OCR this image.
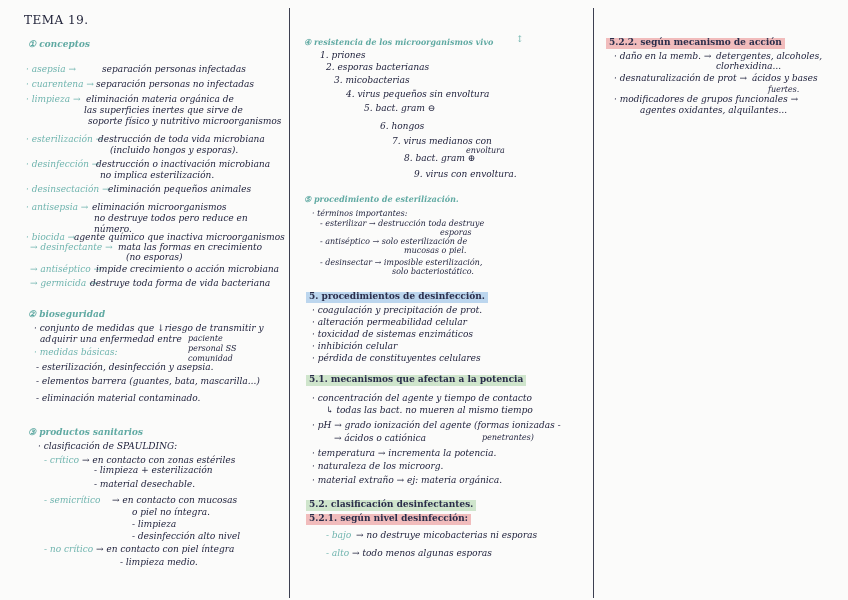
TEMA 19.
① conceptos
· asepsia →	separación personas infectadas
· cuarentena → separación personas no infectadas
· limpieza → eliminación materia orgánica de
las superficies inertes que sirve de
soporte físico y nutritivo microorganismos
· esterilización →
destrucción de toda vida microbiana
(incluido hongos y esporas).
· desinfección →
destrucción o inactivación microbiana
no implica esterilización.
· desinsectación →
eliminación pequeños animales
· antisepsia → eliminación microorganismos
no destruye todos pero reduce en
número.
· biocida →
agente químico que inactiva microorganismos
→ desinfectante → mata las formas en crecimiento
(no esporas)
→ antiséptico →
impide crecimiento o acción microbiana
→ germicida →
destruye toda forma de vida bacteriana
② bioseguridad
· conjunto de medidas que ↓riesgo de transmitir y
adquirir una enfermedad entre paciente
personal SS
comunidad
· medidas básicas:
- esterilización, desinfección y asepsia.
- elementos barrera (guantes, bata, mascarilla...)
- eliminación material contaminado.
③ productos sanitarios
· clasificación de SPAULDING:
- crítico → en contacto con zonas estériles
- limpieza + esterilización
- material desechable.
- semicrítico → en contacto con mucosas
o piel no íntegra.
- limpieza
- desinfección alto nivel
- no crítico → en contacto con piel íntegra
- limpieza medio.
④ resistencia de los microorganismos vivo	↕
1. priones
2. esporas bacterianas
3. micobacterias
4. virus pequeños sin envoltura
5. bact. gram ⊖
6. hongos
7. virus medianos con
envoltura
8. bact. gram ⊕
9. virus con envoltura.
⑤ procedimiento de esterilización.
· términos importantes:
- esterilizar → destrucción toda destruye
esporas
- antiséptico → solo esterilización de
mucosas o piel.
- desinsectar → imposible esterilización,
solo bacteriostático.
5. procedimientos de desinfección.
· coagulación y precipitación de prot.
· alteración permeabilidad celular
· toxicidad de sistemas enzimáticos
· inhibición celular
· pérdida de constituyentes celulares
5.1. mecanismos que afectan a la potencia
· concentración del agente y tiempo de contacto
↳ todas las bact. no mueren al mismo tiempo
· pH → grado ionización del agente (formas ionizadas -
penetrantes)
→ ácidos o catiónica
· temperatura → incrementa la potencia.
· naturaleza de los microorg.
· material extraño → ej: materia orgánica.
5.2. clasificación desinfectantes.
5.2.1. según nivel desinfección:
- bajo → no destruye micobacterias ni esporas
- alto → todo menos algunas esporas
5.2.2. según mecanismo de acción
· daño en la memb. → detergentes, alcoholes,
clorhexidina...
· desnaturalización de prot → ácidos y bases
fuertes.
· modificadores de grupos funcionales →
agentes oxidantes, alquilantes...
